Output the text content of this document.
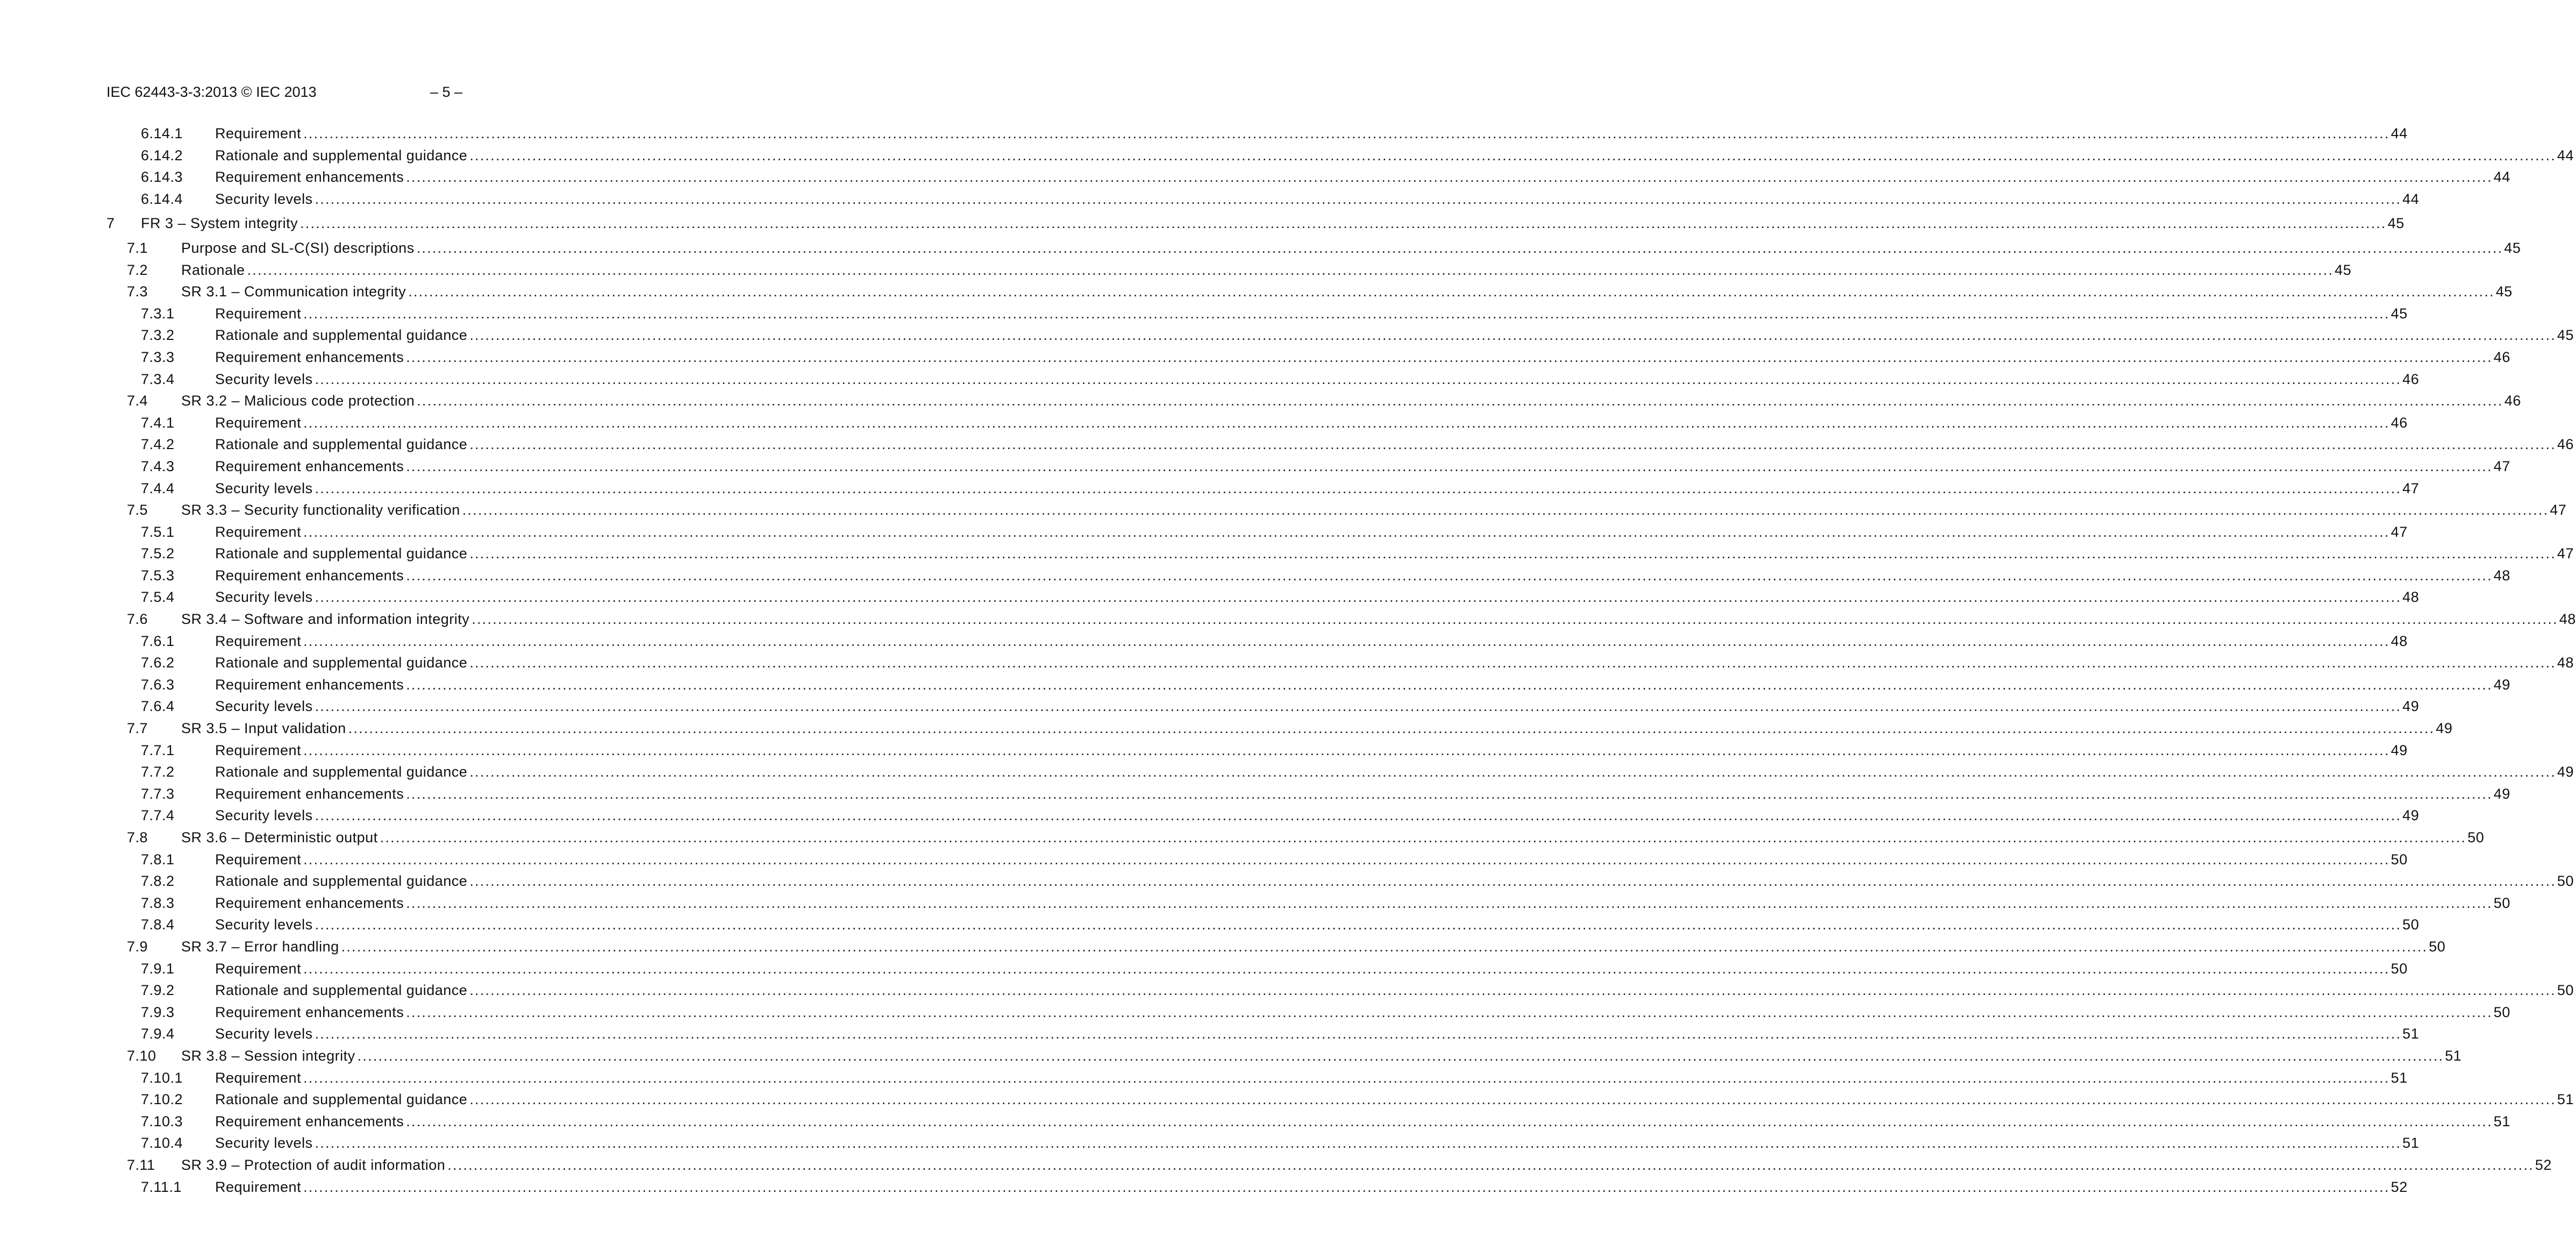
IEC 62443-3-3:2013 © IEC 2013	– 5 –
6.14.1 Requirement ................................................................................................................................................................................................................................................................................................................................................................................................................ 44
6.14.2 Rationale and supplemental guidance ................................................................................................................................................................................................................................................................................................................................................................................................................ 44
6.14.3 Requirement enhancements ................................................................................................................................................................................................................................................................................................................................................................................................................ 44
6.14.4 Security levels ................................................................................................................................................................................................................................................................................................................................................................................................................ 44
7 FR 3 – System integrity ................................................................................................................................................................................................................................................................................................................................................................................................................ 45
7.1 Purpose and SL-C(SI) descriptions ................................................................................................................................................................................................................................................................................................................................................................................................................ 45
7.2 Rationale ................................................................................................................................................................................................................................................................................................................................................................................................................ 45
7.3 SR 3.1 – Communication integrity ................................................................................................................................................................................................................................................................................................................................................................................................................ 45
7.3.1	Requirement ................................................................................................................................................................................................................................................................................................................................................................................................................ 45
7.3.2	Rationale and supplemental guidance ................................................................................................................................................................................................................................................................................................................................................................................................................ 45
7.3.3	Requirement enhancements ................................................................................................................................................................................................................................................................................................................................................................................................................ 46
7.3.4	Security levels ................................................................................................................................................................................................................................................................................................................................................................................................................ 46
7.4 SR 3.2 – Malicious code protection ................................................................................................................................................................................................................................................................................................................................................................................................................ 46
7.4.1	Requirement ................................................................................................................................................................................................................................................................................................................................................................................................................ 46
7.4.2	Rationale and supplemental guidance ................................................................................................................................................................................................................................................................................................................................................................................................................ 46
7.4.3	Requirement enhancements ................................................................................................................................................................................................................................................................................................................................................................................................................ 47
7.4.4	Security levels ................................................................................................................................................................................................................................................................................................................................................................................................................ 47
7.5 SR 3.3 – Security functionality verification ................................................................................................................................................................................................................................................................................................................................................................................................................ 47
7.5.1	Requirement ................................................................................................................................................................................................................................................................................................................................................................................................................ 47
7.5.2	Rationale and supplemental guidance ................................................................................................................................................................................................................................................................................................................................................................................................................ 47
7.5.3	Requirement enhancements ................................................................................................................................................................................................................................................................................................................................................................................................................ 48
7.5.4	Security levels ................................................................................................................................................................................................................................................................................................................................................................................................................ 48
7.6 SR 3.4 – Software and information integrity ................................................................................................................................................................................................................................................................................................................................................................................................................ 48
7.6.1	Requirement ................................................................................................................................................................................................................................................................................................................................................................................................................ 48
7.6.2	Rationale and supplemental guidance ................................................................................................................................................................................................................................................................................................................................................................................................................ 48
7.6.3	Requirement enhancements ................................................................................................................................................................................................................................................................................................................................................................................................................ 49
7.6.4	Security levels ................................................................................................................................................................................................................................................................................................................................................................................................................ 49
7.7 SR 3.5 – Input validation ................................................................................................................................................................................................................................................................................................................................................................................................................ 49
7.7.1	Requirement ................................................................................................................................................................................................................................................................................................................................................................................................................ 49
7.7.2	Rationale and supplemental guidance ................................................................................................................................................................................................................................................................................................................................................................................................................ 49
7.7.3	Requirement enhancements ................................................................................................................................................................................................................................................................................................................................................................................................................ 49
7.7.4	Security levels ................................................................................................................................................................................................................................................................................................................................................................................................................ 49
7.8 SR 3.6 – Deterministic output ................................................................................................................................................................................................................................................................................................................................................................................................................ 50
7.8.1	Requirement ................................................................................................................................................................................................................................................................................................................................................................................................................ 50
7.8.2	Rationale and supplemental guidance ................................................................................................................................................................................................................................................................................................................................................................................................................ 50
7.8.3	Requirement enhancements ................................................................................................................................................................................................................................................................................................................................................................................................................ 50
7.8.4	Security levels ................................................................................................................................................................................................................................................................................................................................................................................................................ 50
7.9 SR 3.7 – Error handling ................................................................................................................................................................................................................................................................................................................................................................................................................ 50
7.9.1	Requirement ................................................................................................................................................................................................................................................................................................................................................................................................................ 50
7.9.2	Rationale and supplemental guidance ................................................................................................................................................................................................................................................................................................................................................................................................................ 50
7.9.3	Requirement enhancements ................................................................................................................................................................................................................................................................................................................................................................................................................ 50
7.9.4	Security levels ................................................................................................................................................................................................................................................................................................................................................................................................................ 51
7.10 SR 3.8 – Session integrity ................................................................................................................................................................................................................................................................................................................................................................................................................ 51
7.10.1 Requirement ................................................................................................................................................................................................................................................................................................................................................................................................................ 51
7.10.2 Rationale and supplemental guidance ................................................................................................................................................................................................................................................................................................................................................................................................................ 51
7.10.3 Requirement enhancements ................................................................................................................................................................................................................................................................................................................................................................................................................ 51
7.10.4 Security levels ................................................................................................................................................................................................................................................................................................................................................................................................................ 51
7.11 SR 3.9 – Protection of audit information ................................................................................................................................................................................................................................................................................................................................................................................................................ 52
7.11.1 Requirement ................................................................................................................................................................................................................................................................................................................................................................................................................ 52
